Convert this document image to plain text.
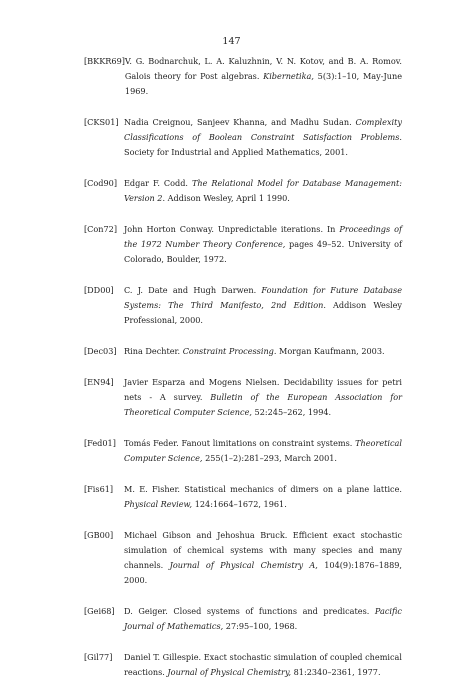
147
[BKKR69] V. G. Bodnarchuk, L. A. Kaluzhnin, V. N. Kotov, and B. A. Romov. Galois theory for Post algebras. Kibernetika, 5(3):1–10, May-June 1969.
[CKS01] Nadia Creignou, Sanjeev Khanna, and Madhu Sudan. Complexity Classifications of Boolean Constraint Satisfaction Problems. Society for Industrial and Applied Mathematics, 2001.
[Cod90] Edgar F. Codd. The Relational Model for Database Management: Version 2. Addison Wesley, April 1 1990.
[Con72] John Horton Conway. Unpredictable iterations. In Proceedings of the 1972 Number Theory Conference, pages 49–52. University of Colorado, Boulder, 1972.
[DD00]	C. J. Date and Hugh Darwen. Foundation for Future Database Systems: The Third Manifesto, 2nd Edition. Addison Wesley Professional, 2000.
[Dec03] Rina Dechter. Constraint Processing. Morgan Kaufmann, 2003.
[EN94]	Javier Esparza and Mogens Nielsen. Decidability issues for petri nets - A survey. Bulletin of the European Association for Theoretical Computer Science, 52:245–262, 1994.
[Fed01] Tomás Feder. Fanout limitations on constraint systems. Theoretical Computer Science, 255(1–2):281–293, March 2001.
[Fis61]	M. E. Fisher. Statistical mechanics of dimers on a plane lattice. Physical Review, 124:1664–1672, 1961.
[GB00]	Michael Gibson and Jehoshua Bruck. Efficient exact stochastic simulation of chemical systems with many species and many channels. Journal of Physical Chemistry A, 104(9):1876–1889, 2000.
[Gei68]	D. Geiger. Closed systems of functions and predicates. Pacific Journal of Mathematics, 27:95–100, 1968.
[Gil77]	Daniel T. Gillespie. Exact stochastic simulation of coupled chemical reactions. Journal of Physical Chemistry, 81:2340–2361, 1977.
